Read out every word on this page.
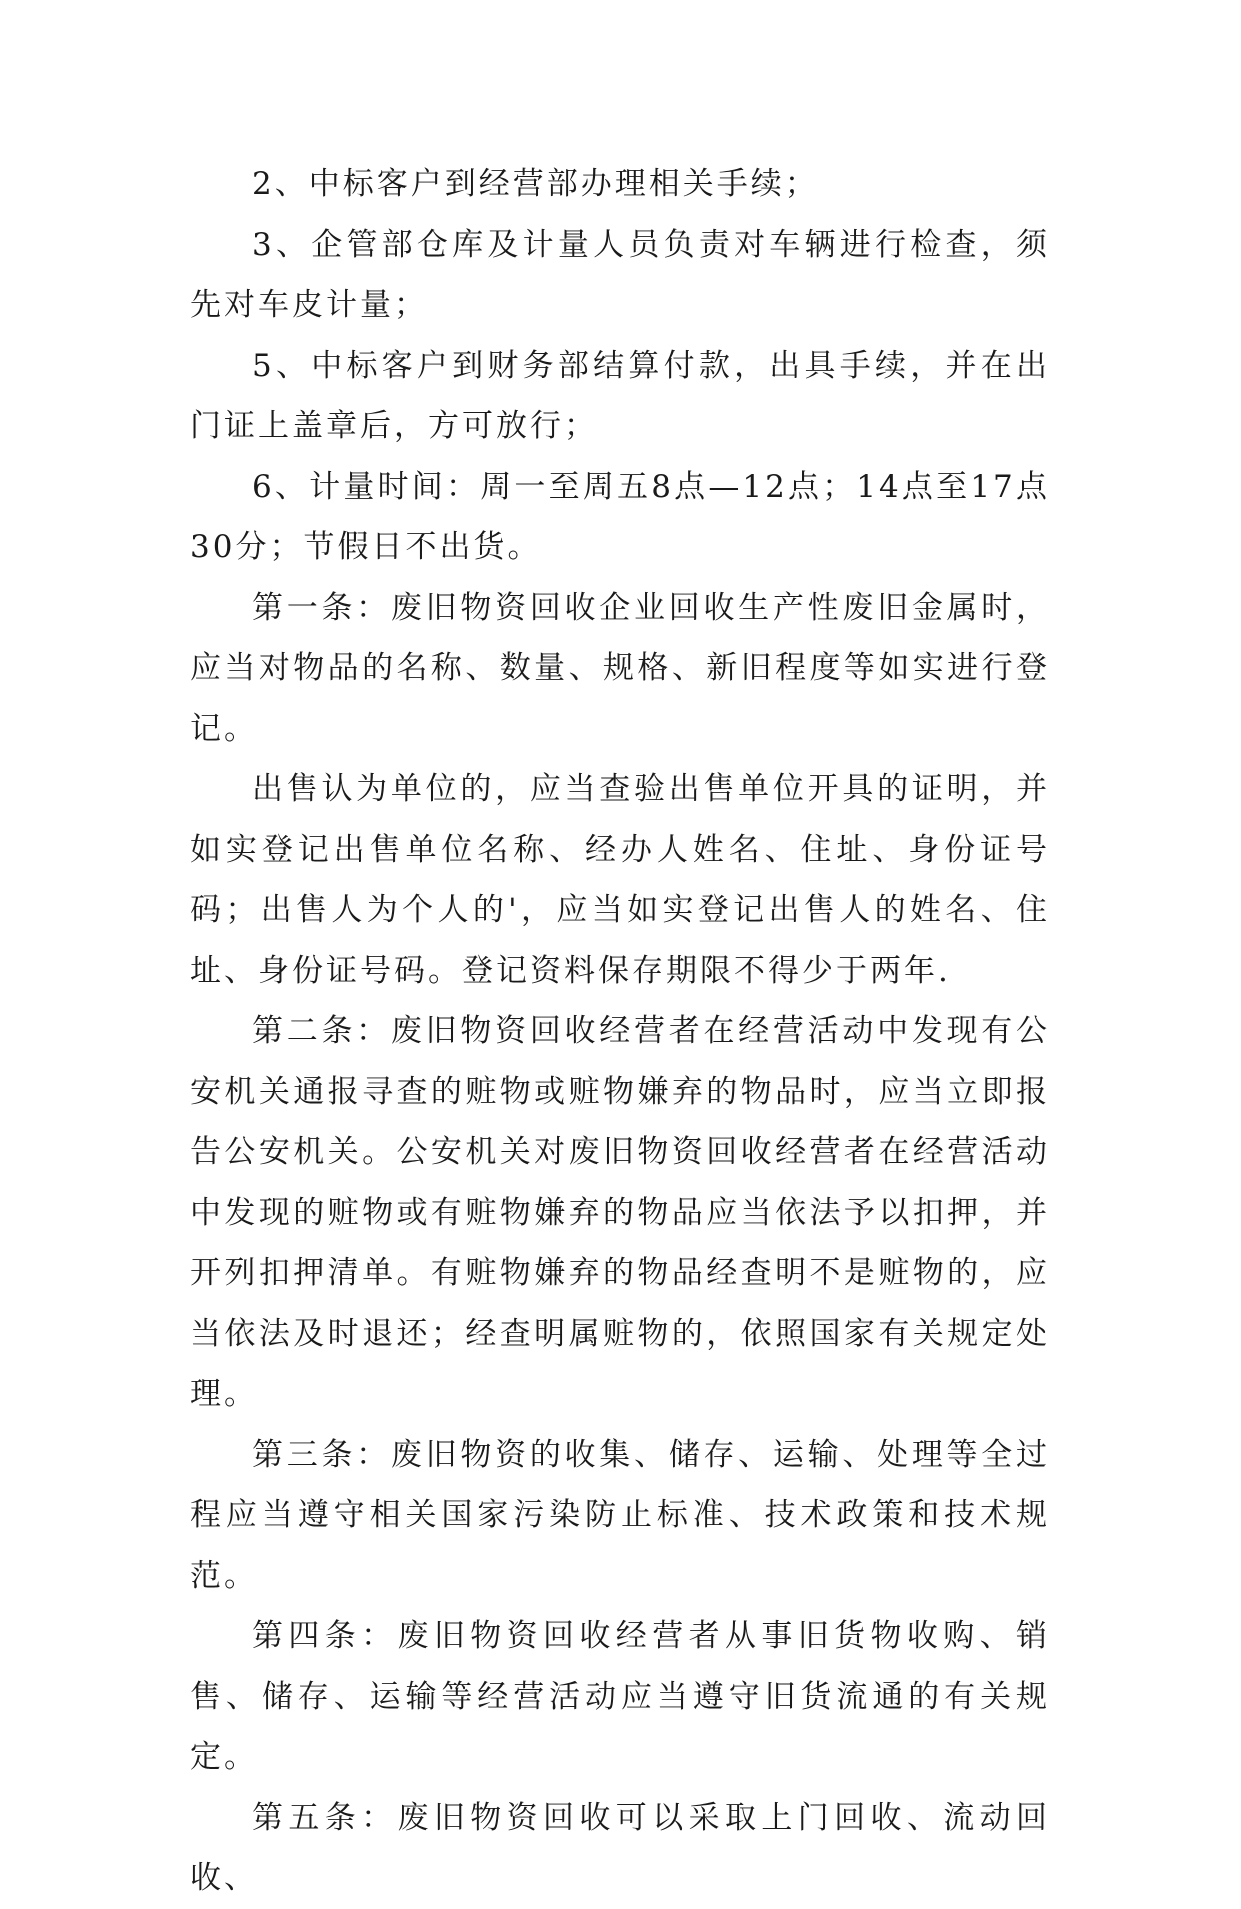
2、中标客户到经营部办理相关手续；

3、企管部仓库及计量人员负责对车辆进行检查，须先对车皮计量；

5、中标客户到财务部结算付款，出具手续，并在出门证上盖章后，方可放行；

6、计量时间：周一至周五8点—12点；14点至17点30分；节假日不出货。

第一条：废旧物资回收企业回收生产性废旧金属时，应当对物品的名称、数量、规格、新旧程度等如实进行登记。

出售认为单位的，应当查验出售单位开具的证明，并如实登记出售单位名称、经办人姓名、住址、身份证号码；出售人为个人的'，应当如实登记出售人的姓名、住址、身份证号码。登记资料保存期限不得少于两年.

第二条：废旧物资回收经营者在经营活动中发现有公安机关通报寻查的赃物或赃物嫌弃的物品时，应当立即报告公安机关。公安机关对废旧物资回收经营者在经营活动中发现的赃物或有赃物嫌弃的物品应当依法予以扣押，并开列扣押清单。有赃物嫌弃的物品经查明不是赃物的，应当依法及时退还；经查明属赃物的，依照国家有关规定处理。

第三条：废旧物资的收集、储存、运输、处理等全过程应当遵守相关国家污染防止标准、技术政策和技术规范。

第四条：废旧物资回收经营者从事旧货物收购、销售、储存、运输等经营活动应当遵守旧货流通的有关规定。

第五条：废旧物资回收可以采取上门回收、流动回收、
